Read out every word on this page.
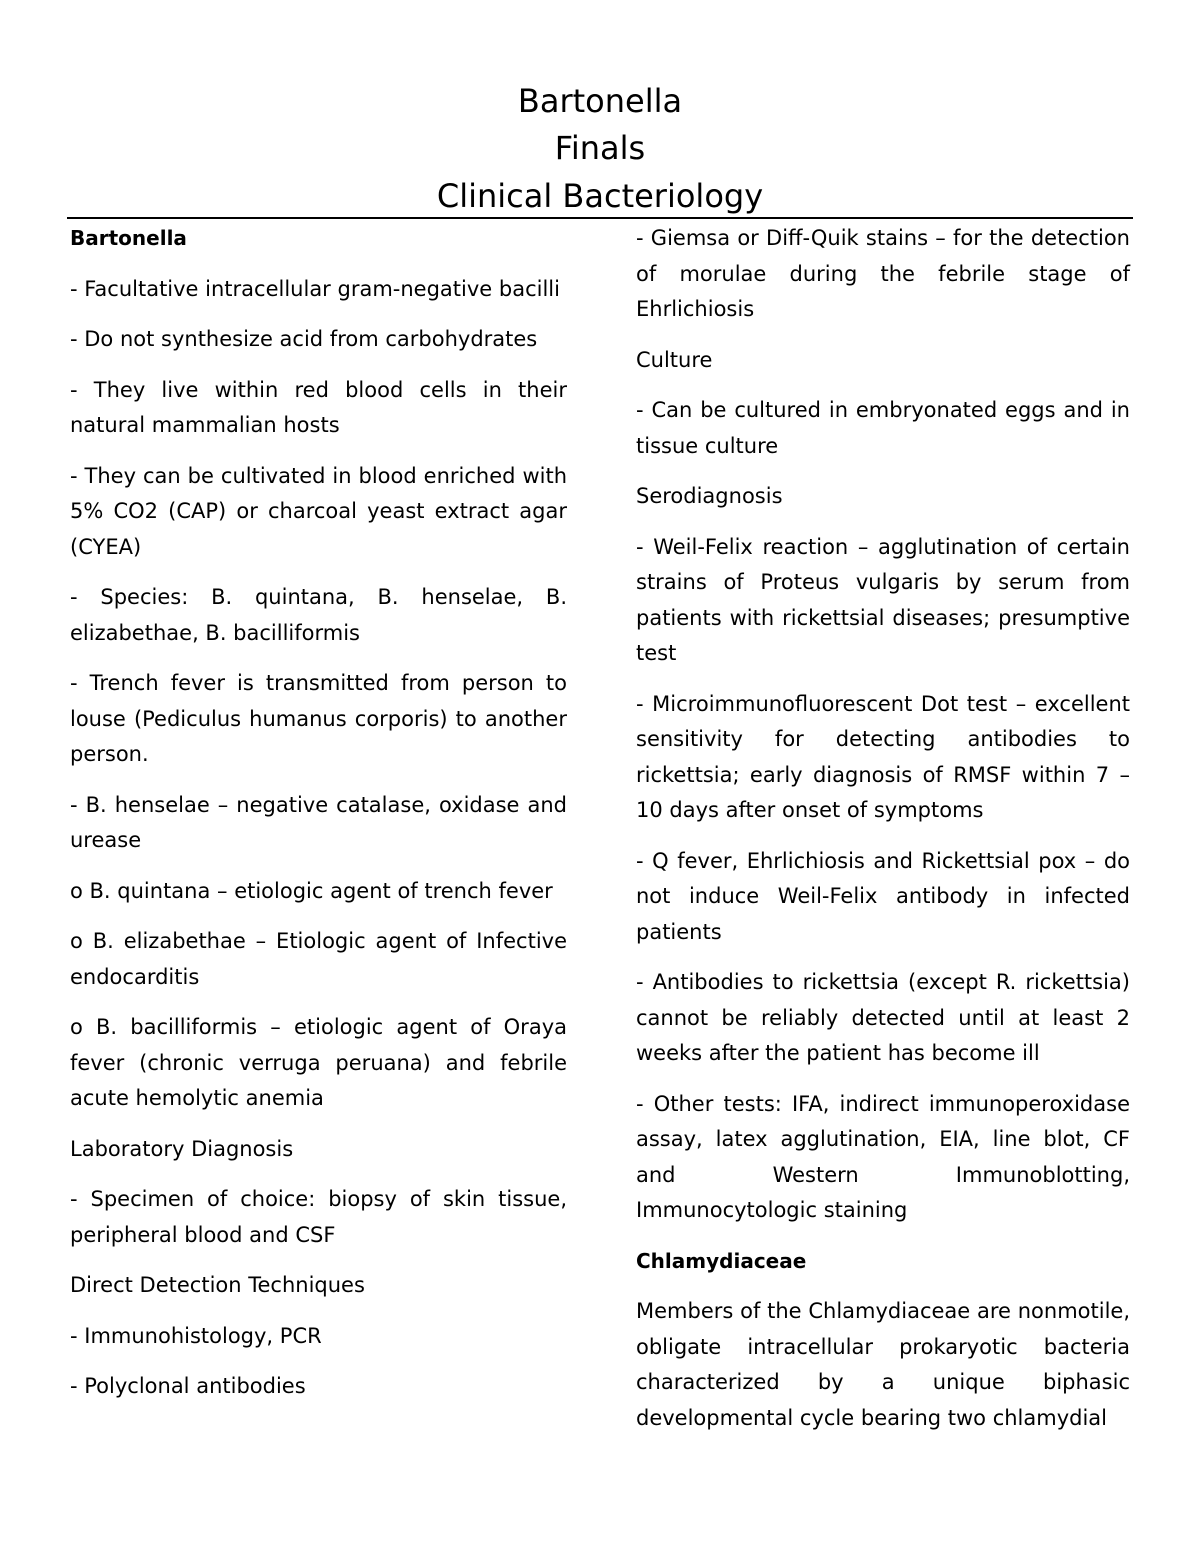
Bartonella
Finals
Clinical Bacteriology

Bartonella

- Facultative intracellular gram-negative bacilli

- Do not synthesize acid from carbohydrates

- They live within red blood cells in their natural mammalian hosts

- They can be cultivated in blood enriched with 5% CO2 (CAP) or charcoal yeast extract agar (CYEA)

- Species: B. quintana, B. henselae, B. elizabethae, B. bacilliformis

- Trench fever is transmitted from person to louse (Pediculus humanus corporis) to another person.

- B. henselae – negative catalase, oxidase and urease

o B. quintana – etiologic agent of trench fever

o B. elizabethae – Etiologic agent of Infective endocarditis

o B. bacilliformis – etiologic agent of Oraya fever (chronic verruga peruana) and febrile acute hemolytic anemia

Laboratory Diagnosis

- Specimen of choice: biopsy of skin tissue, peripheral blood and CSF

Direct Detection Techniques

- Immunohistology, PCR

- Polyclonal antibodies

- Giemsa or Diff-Quik stains – for the detection of morulae during the febrile stage of Ehrlichiosis

Culture

- Can be cultured in embryonated eggs and in tissue culture

Serodiagnosis

- Weil-Felix reaction – agglutination of certain strains of Proteus vulgaris by serum from patients with rickettsial diseases; presumptive test

- Microimmunofluorescent Dot test – excellent sensitivity for detecting antibodies to rickettsia; early diagnosis of RMSF within 7 – 10 days after onset of symptoms

- Q fever, Ehrlichiosis and Rickettsial pox – do not induce Weil-Felix antibody in infected patients

- Antibodies to rickettsia (except R. rickettsia) cannot be reliably detected until at least 2 weeks after the patient has become ill

- Other tests: IFA, indirect immunoperoxidase assay, latex agglutination, EIA, line blot, CF and Western Immunoblotting, Immunocytologic staining

Chlamydiaceae

Members of the Chlamydiaceae are nonmotile, obligate intracellular prokaryotic bacteria characterized by a unique biphasic developmental cycle bearing two chlamydial
